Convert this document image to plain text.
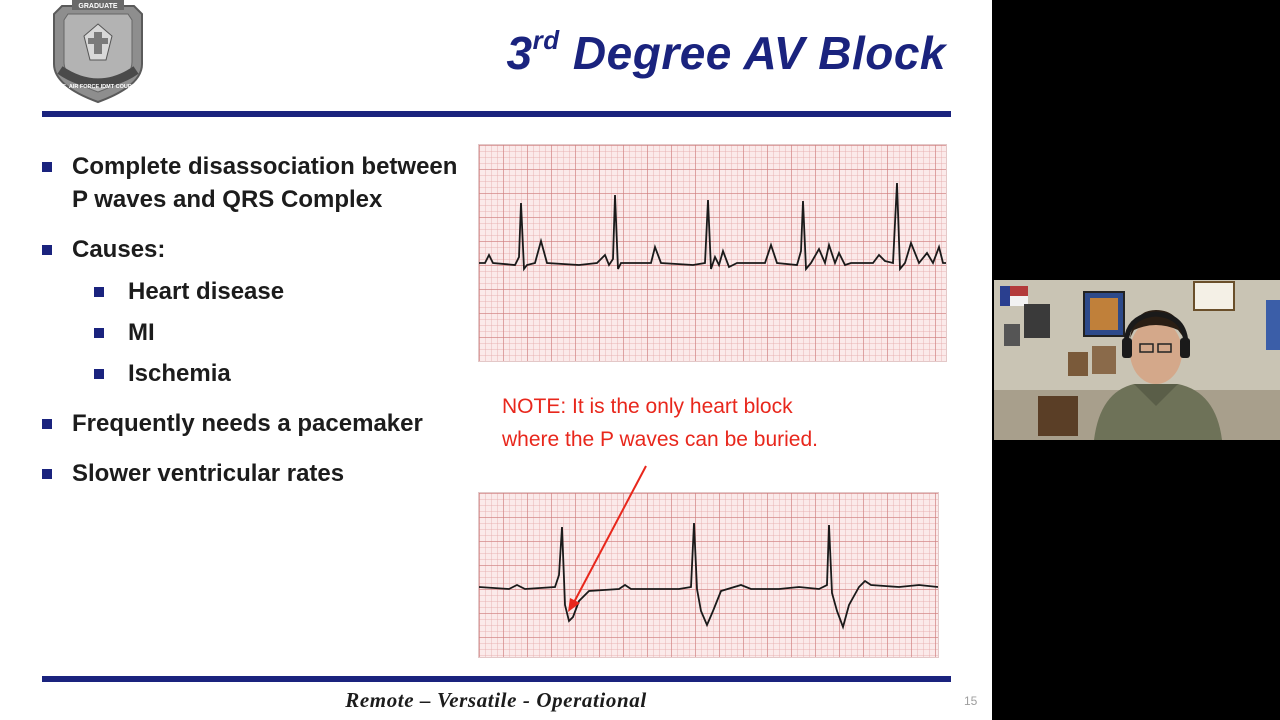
GRADUATE
U.S. AIR FORCE IDMT COURSE
3rd Degree AV Block
Complete disassociation between P waves and QRS Complex
Causes:
Heart disease
MI
Ischemia
Frequently needs a pacemaker
Slower ventricular rates
NOTE: It is the only heart block
where the P waves can be buried.
Remote – Versatile - Operational	15
